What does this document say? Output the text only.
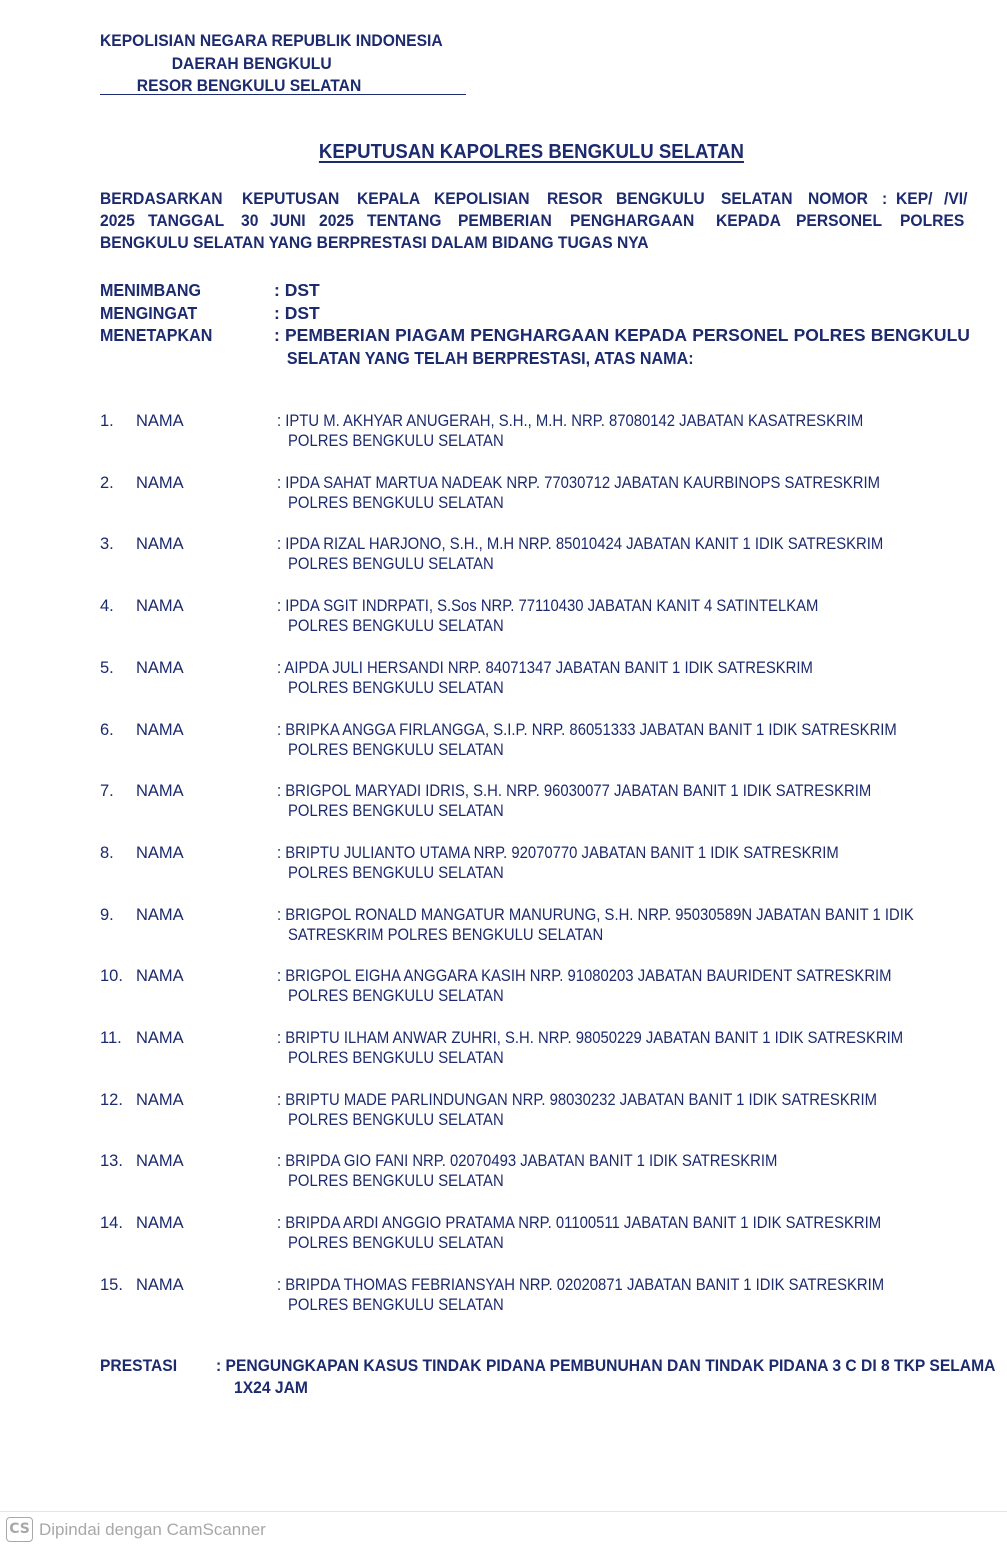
KEPOLISIAN NEGARA REPUBLIK INDONESIA
DAERAH BENGKULU
RESOR BENGKULU SELATAN
KEPUTUSAN KAPOLRES BENGKULU SELATAN
BERDASARKAN KEPUTUSAN KEPALA KEPOLISIAN RESOR BENGKULU SELATAN NOMOR : KEP/ /VI/
2025 TANGGAL 30 JUNI 2025 TENTANG PEMBERIAN PENGHARGAAN KEPADA PERSONEL POLRES
BENGKULU SELATAN YANG BERPRESTASI DALAM BIDANG TUGAS NYA
MENIMBANG	: DST
MENGINGAT	: DST
MENETAPKAN	: PEMBERIAN PIAGAM PENGHARGAAN KEPADA PERSONEL POLRES BENGKULU
SELATAN YANG TELAH BERPRESTASI, ATAS NAMA:
1. NAMA	: IPTU M. AKHYAR ANUGERAH, S.H., M.H. NRP. 87080142 JABATAN KASATRESKRIM
POLRES BENGKULU SELATAN
2. NAMA	: IPDA SAHAT MARTUA NADEAK NRP. 77030712 JABATAN KAURBINOPS SATRESKRIM
POLRES BENGKULU SELATAN
3. NAMA	: IPDA RIZAL HARJONO, S.H., M.H NRP. 85010424 JABATAN KANIT 1 IDIK SATRESKRIM
POLRES BENGULU SELATAN
4. NAMA	: IPDA SGIT INDRPATI, S.Sos NRP. 77110430 JABATAN KANIT 4 SATINTELKAM
POLRES BENGKULU SELATAN
5. NAMA	: AIPDA JULI HERSANDI NRP. 84071347 JABATAN BANIT 1 IDIK SATRESKRIM
POLRES BENGKULU SELATAN
6. NAMA	: BRIPKA ANGGA FIRLANGGA, S.I.P. NRP. 86051333 JABATAN BANIT 1 IDIK SATRESKRIM
POLRES BENGKULU SELATAN
7. NAMA	: BRIGPOL MARYADI IDRIS, S.H. NRP. 96030077 JABATAN BANIT 1 IDIK SATRESKRIM
POLRES BENGKULU SELATAN
8. NAMA	: BRIPTU JULIANTO UTAMA NRP. 92070770 JABATAN BANIT 1 IDIK SATRESKRIM
POLRES BENGKULU SELATAN
9. NAMA	: BRIGPOL RONALD MANGATUR MANURUNG, S.H. NRP. 95030589N JABATAN BANIT 1 IDIK
SATRESKRIM POLRES BENGKULU SELATAN
10. NAMA	: BRIGPOL EIGHA ANGGARA KASIH NRP. 91080203 JABATAN BAURIDENT SATRESKRIM
POLRES BENGKULU SELATAN
11. NAMA	: BRIPTU ILHAM ANWAR ZUHRI, S.H. NRP. 98050229 JABATAN BANIT 1 IDIK SATRESKRIM
POLRES BENGKULU SELATAN
12. NAMA	: BRIPTU MADE PARLINDUNGAN NRP. 98030232 JABATAN BANIT 1 IDIK SATRESKRIM
POLRES BENGKULU SELATAN
13. NAMA	: BRIPDA GIO FANI NRP. 02070493 JABATAN BANIT 1 IDIK SATRESKRIM
POLRES BENGKULU SELATAN
14. NAMA	: BRIPDA ARDI ANGGIO PRATAMA NRP. 01100511 JABATAN BANIT 1 IDIK SATRESKRIM
POLRES BENGKULU SELATAN
15. NAMA	: BRIPDA THOMAS FEBRIANSYAH NRP. 02020871 JABATAN BANIT 1 IDIK SATRESKRIM
POLRES BENGKULU SELATAN
PRESTASI : PENGUNGKAPAN KASUS TINDAK PIDANA PEMBUNUHAN DAN TINDAK PIDANA 3 C DI 8 TKP SELAMA
1X24 JAM
CS Dipindai dengan CamScanner
